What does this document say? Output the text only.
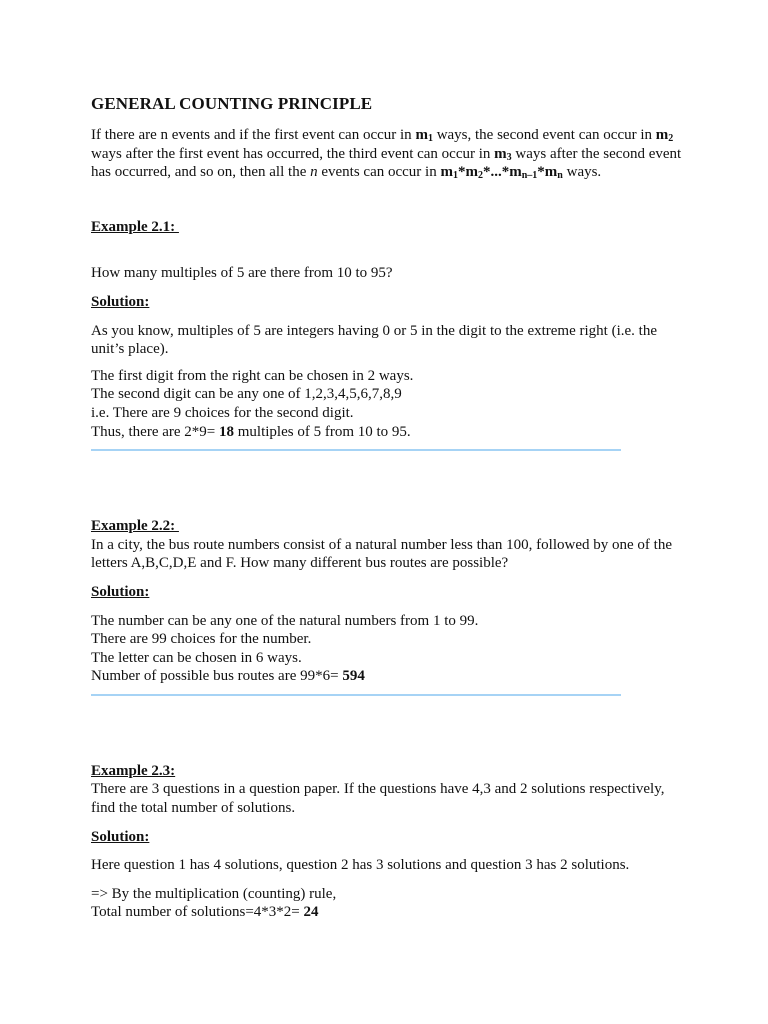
GENERAL COUNTING PRINCIPLE

If there are n events and if the first event can occur in $m_1$ ways, the second event can occur in $m_2$ ways after the first event has occurred, the third event can occur in $m_3$ ways after the second event has occurred, and so on, then all the n events can occur in $m_1*m_2*...*m_{n-1}*m_n$ ways.

Example 2.1:

How many multiples of 5 are there from 10 to 95?

Solution:

As you know, multiples of 5 are integers having 0 or 5 in the digit to the extreme right (i.e. the unit’s place).

The first digit from the right can be chosen in 2 ways.
The second digit can be any one of 1,2,3,4,5,6,7,8,9
i.e. There are 9 choices for the second digit.
Thus, there are 2*9= 18 multiples of 5 from 10 to 95.

Example 2.2:

In a city, the bus route numbers consist of a natural number less than 100, followed by one of the letters A,B,C,D,E and F. How many different bus routes are possible?

Solution:

The number can be any one of the natural numbers from 1 to 99.
There are 99 choices for the number.
The letter can be chosen in 6 ways.
Number of possible bus routes are 99*6= 594

Example 2.3:

There are 3 questions in a question paper. If the questions have 4,3 and 2 solutions respectively, find the total number of solutions.

Solution:

Here question 1 has 4 solutions, question 2 has 3 solutions and question 3 has 2 solutions.

=> By the multiplication (counting) rule,
Total number of solutions=4*3*2= 24
